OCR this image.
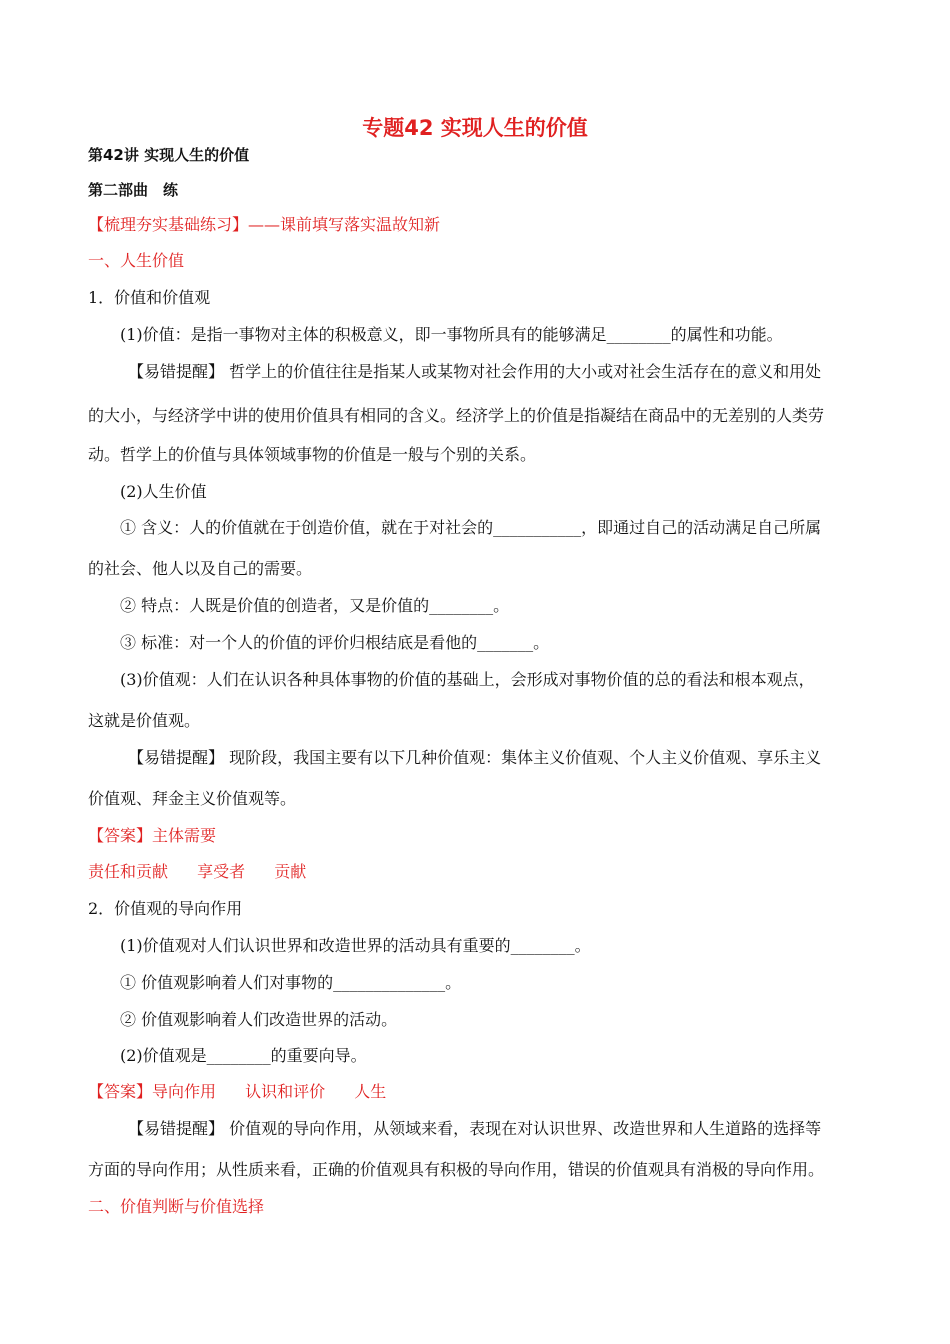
专题42 实现人生的价值

第42讲 实现人生的价值

第二部曲　练

【梳理夯实基础练习】——课前填写落实温故知新

一、人生价值

1．价值和价值观

(1)价值：是指一事物对主体的积极意义，即一事物所具有的能够满足________的属性和功能。

【易错提醒】 哲学上的价值往往是指某人或某物对社会作用的大小或对社会生活存在的意义和用处

的大小，与经济学中讲的使用价值具有相同的含义。经济学上的价值是指凝结在商品中的无差别的人类劳

动。哲学上的价值与具体领域事物的价值是一般与个别的关系。

(2)人生价值

① 含义：人的价值就在于创造价值，就在于对社会的___________，即通过自己的活动满足自己所属

的社会、他人以及自己的需要。

② 特点：人既是价值的创造者，又是价值的________。

③ 标准：对一个人的价值的评价归根结底是看他的_______。

(3)价值观：人们在认识各种具体事物的价值的基础上，会形成对事物价值的总的看法和根本观点，

这就是价值观。

【易错提醒】 现阶段，我国主要有以下几种价值观：集体主义价值观、个人主义价值观、享乐主义

价值观、拜金主义价值观等。

【答案】主体需要

责任和贡献 享受者 贡献

2．价值观的导向作用

(1)价值观对人们认识世界和改造世界的活动具有重要的________。

① 价值观影响着人们对事物的______________。

② 价值观影响着人们改造世界的活动。

(2)价值观是________的重要向导。

【答案】导向作用 认识和评价 人生

【易错提醒】 价值观的导向作用，从领域来看，表现在对认识世界、改造世界和人生道路的选择等

方面的导向作用；从性质来看，正确的价值观具有积极的导向作用，错误的价值观具有消极的导向作用。

二、价值判断与价值选择
